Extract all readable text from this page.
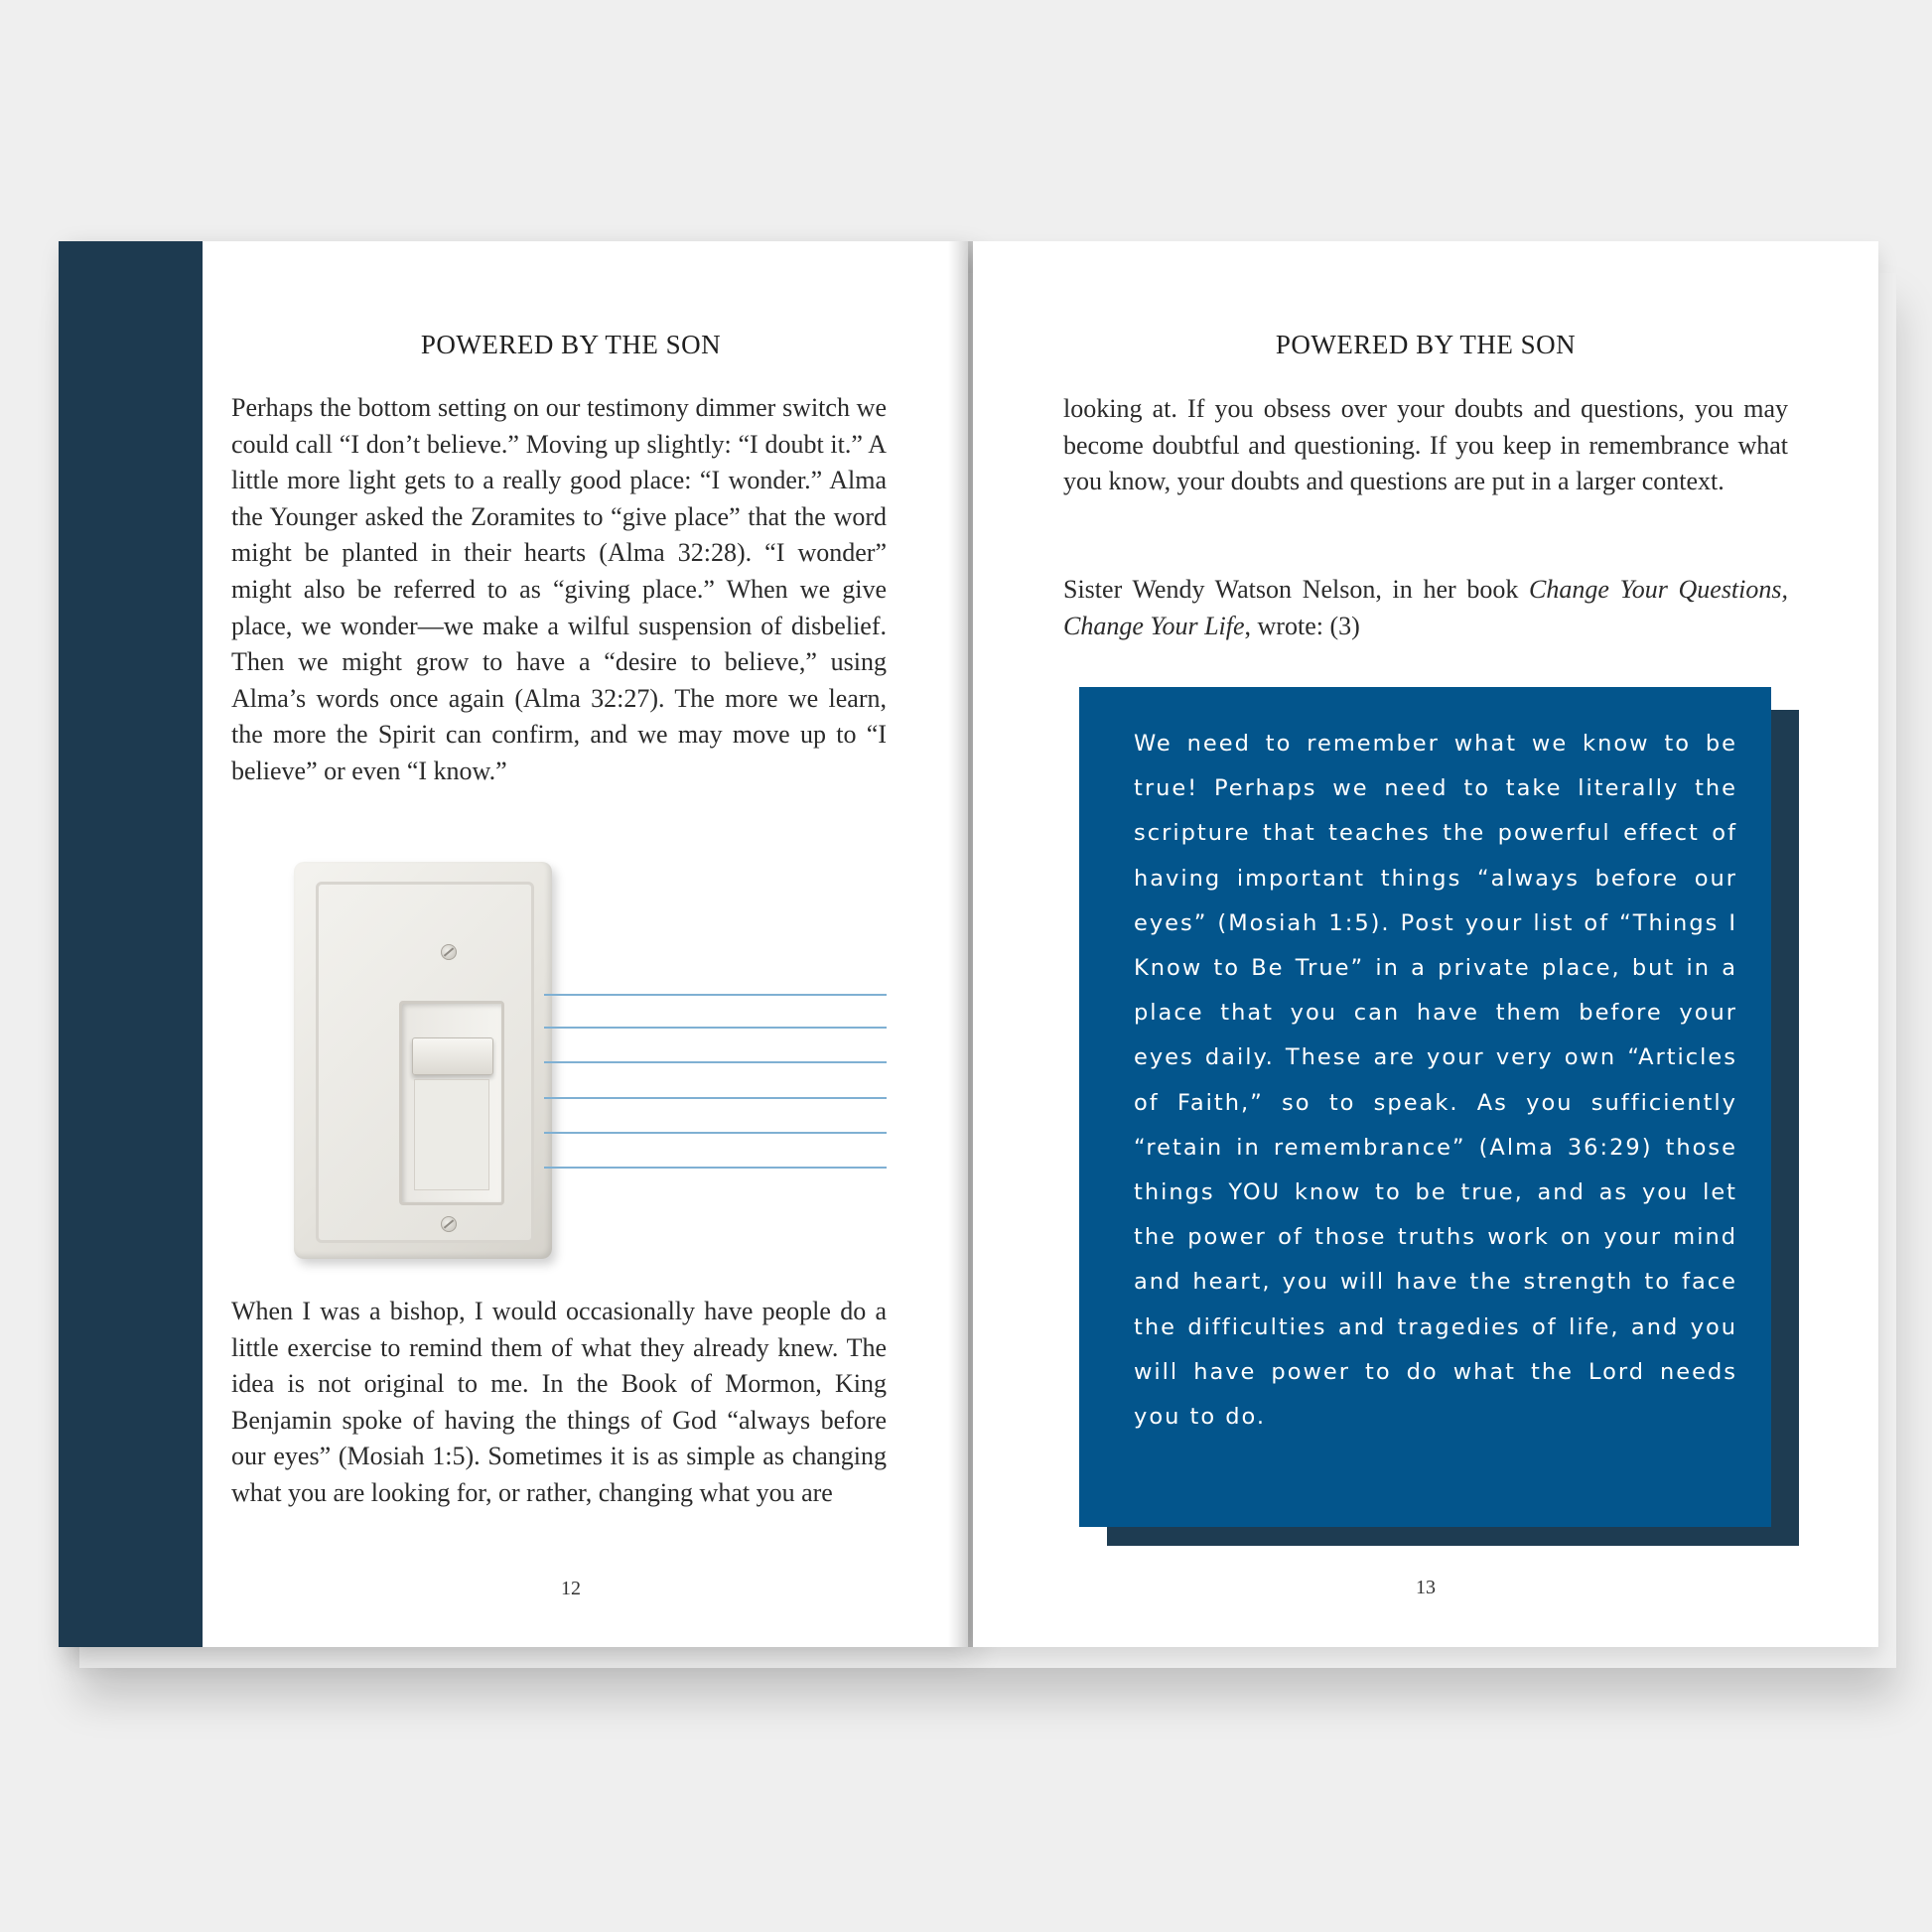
POWERED BY THE SON

Perhaps the bottom setting on our testimony dimmer switch we could call “I don’t believe.” Moving up slightly: “I doubt it.” A little more light gets to a really good place: “I wonder.” Alma the Younger asked the Zoramites to “give place” that the word might be planted in their hearts (Alma 32:28). “I wonder” might also be referred to as “giving place.” When we give place, we wonder—we make a wilful suspension of disbelief. Then we might grow to have a “desire to believe,” using Alma’s words once again (Alma 32:27). The more we learn, the more the Spirit can confirm, and we may move up to “I believe” or even “I know.”

When I was a bishop, I would occasionally have people do a little exercise to remind them of what they already knew. The idea is not original to me. In the Book of Mormon, King Benjamin spoke of having the things of God “always before our eyes” (Mosiah 1:5). Sometimes it is as simple as changing what you are looking for, or rather, changing what you are

12
POWERED BY THE SON

looking at. If you obsess over your doubts and questions, you may become doubtful and questioning. If you keep in remembrance what you know, your doubts and questions are put in a larger context.

Sister Wendy Watson Nelson, in her book Change Your Questions, Change Your Life, wrote: (3)

13

We need to remember what we know to be true! Perhaps we need to take literally the scripture that teaches the powerful effect of having important things “always before our eyes” (Mosiah 1:5). Post your list of “Things I Know to Be True” in a private place, but in a place that you can have them before your eyes daily. These are your very own “Articles of Faith,” so to speak. As you sufficiently “retain in remembrance” (Alma 36:29) those things YOU know to be true, and as you let the power of those truths work on your mind and heart, you will have the strength to face the difficulties and tragedies of life, and you will have power to do what the Lord needs you to do.
